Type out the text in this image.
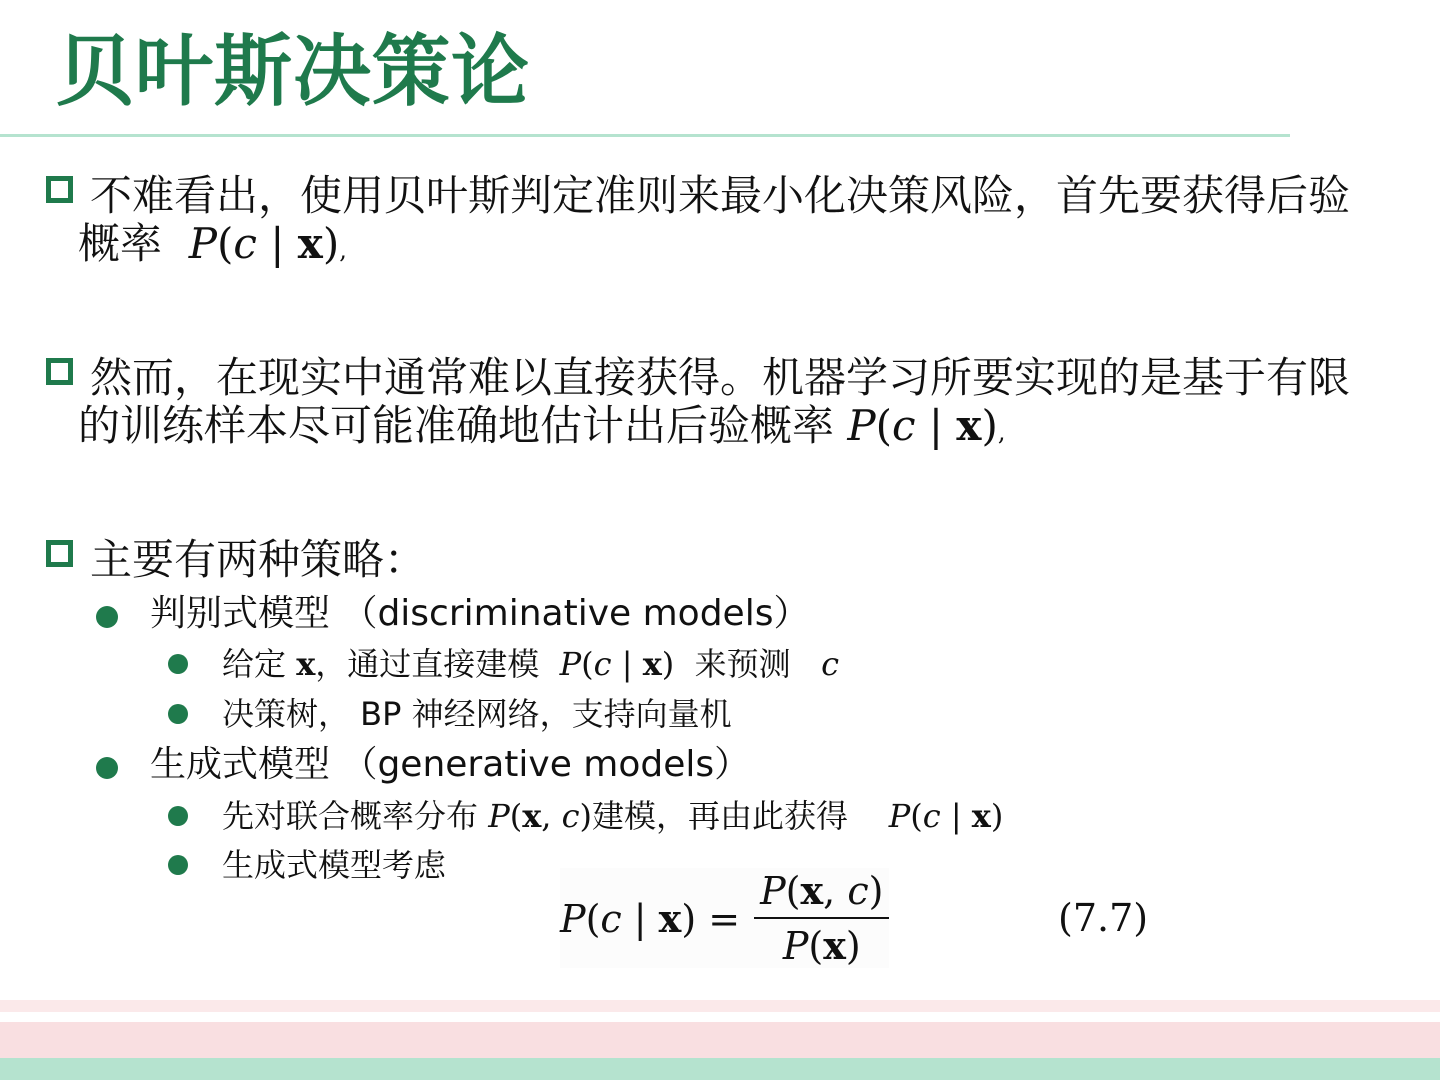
贝叶斯决策论
不难看出，使用贝叶斯判定准则来最小化决策风险，首先要获得后验
概率 P(c | x),
然而，在现实中通常难以直接获得。机器学习所要实现的是基于有限
的训练样本尽可能准确地估计出后验概率 P(c | x),
主要有两种策略：
判别式模型 （discriminative models）
给定 x，通过直接建模 P(c | x) 来预测 c
决策树， BP 神经网络，支持向量机
生成式模型 （generative models）
先对联合概率分布 P(x, c)建模，再由此获得 P(c | x)
生成式模型考虑
P(c | $x) = \frac{P(x, c)}{P(x)}$	(7.7)
